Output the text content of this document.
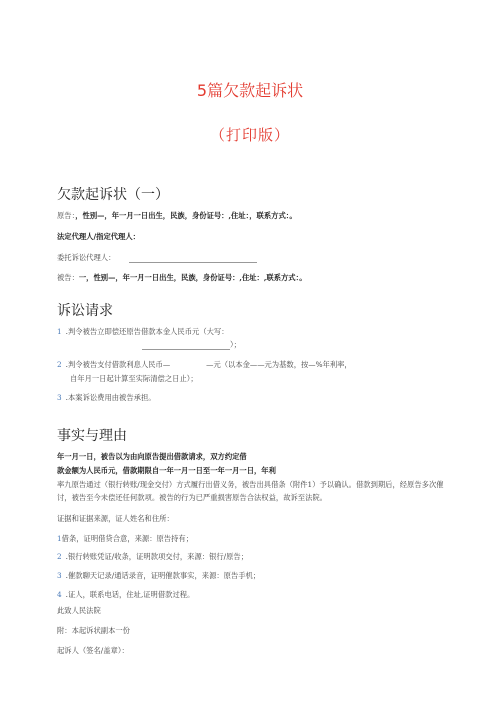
5篇欠款起诉状
（打印版）
欠款起诉状（一）
原告：，性别—，年一月一日出生，民族，身份证号：,住址：，联系方式：。
法定代理人/指定代理人：
委托诉讼代理人：
被告：一，性别—，年一月一日出生，民族，身份证号：,住址：,联系方式：。
诉讼请求
1 .判令被告立即偿还原告借款本金人民币元（大写：
）；
2 .判令被告支付借款利息人民币—	—元（以本金——元为基数，按—%年利率，
自年月一日起计算至实际清偿之日止）；
3 .本案诉讼费用由被告承担。
事实与理由
年一月一日，被告以为由向原告提出借款请求，双方约定借
款金额为人民币元，借款期限自一年一月一日至一年一月一日，年利
率九原告通过（银行转账/现金交付）方式履行出借义务，被告出具借条（附件1）予以确认。借款到期后，经原告多次催讨，被告至今未偿还任何款项。被告的行为已严重损害原告合法权益，故诉至法院。
证据和证据来源，证人姓名和住所：
1借条，证明借贷合意，来源：原告持有；
2 .银行转账凭证/收条，证明款项交付，来源：银行/原告；
3 .催款聊天记录/通话录音，证明催款事实，来源：原告手机；
4 .证人，联系电话，住址,证明借款过程。
此致人民法院
附：本起诉状副本一份
起诉人（签名/盖章）：
